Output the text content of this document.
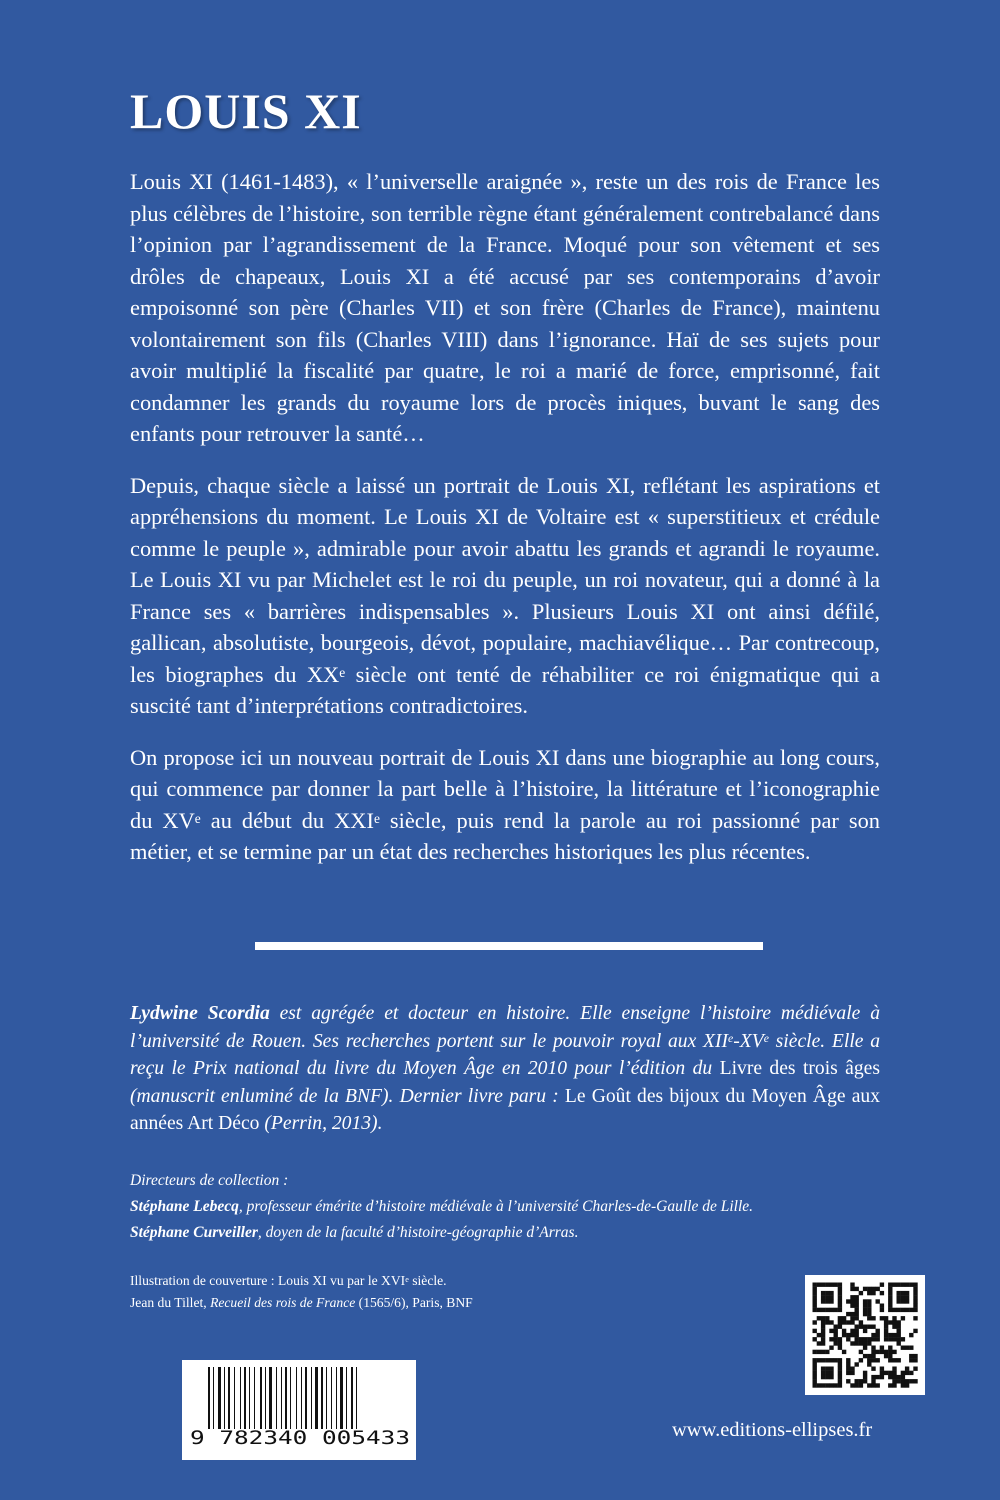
LOUIS XI

Louis XI (1461-1483), « l’universelle araignée », reste un des rois de France les plus célèbres de l’histoire, son terrible règne étant généralement contrebalancé dans l’opinion par l’agrandissement de la France. Moqué pour son vêtement et ses drôles de chapeaux, Louis XI a été accusé par ses contemporains d’avoir empoisonné son père (Charles VII) et son frère (Charles de France), maintenu volontairement son fils (Charles VIII) dans l’ignorance. Haï de ses sujets pour avoir multiplié la fiscalité par quatre, le roi a marié de force, emprisonné, fait condamner les grands du royaume lors de procès iniques, buvant le sang des enfants pour retrouver la santé…

Depuis, chaque siècle a laissé un portrait de Louis XI, reflétant les aspirations et appréhensions du moment. Le Louis XI de Voltaire est « superstitieux et crédule comme le peuple », admirable pour avoir abattu les grands et agrandi le royaume. Le Louis XI vu par Michelet est le roi du peuple, un roi novateur, qui a donné à la France ses « barrières indispensables ». Plusieurs Louis XI ont ainsi défilé, gallican, absolutiste, bourgeois, dévot, populaire, machiavélique… Par contrecoup, les biographes du XXe siècle ont tenté de réhabiliter ce roi énigmatique qui a suscité tant d’interprétations contradictoires.

On propose ici un nouveau portrait de Louis XI dans une biographie au long cours, qui commence par donner la part belle à l’histoire, la littérature et l’iconographie du XVe au début du XXIe siècle, puis rend la parole au roi passionné par son métier, et se termine par un état des recherches historiques les plus récentes.

Lydwine Scordia est agrégée et docteur en histoire. Elle enseigne l’histoire médiévale à l’université de Rouen. Ses recherches portent sur le pouvoir royal aux XIIe-XVe siècle. Elle a reçu le Prix national du livre du Moyen Âge en 2010 pour l’édition du Livre des trois âges (manuscrit enluminé de la BNF). Dernier livre paru : Le Goût des bijoux du Moyen Âge aux années Art Déco (Perrin, 2013).

Directeurs de collection :
Stéphane Lebecq, professeur émérite d’histoire médiévale à l’université Charles-de-Gaulle de Lille.
Stéphane Curveiller, doyen de la faculté d’histoire-géographie d’Arras.
Illustration de couverture : Louis XI vu par le XVIe siècle.
Jean du Tillet, Recueil des rois de France (1565/6), Paris, BNF
9 782340 005433	www.editions-ellipses.fr
